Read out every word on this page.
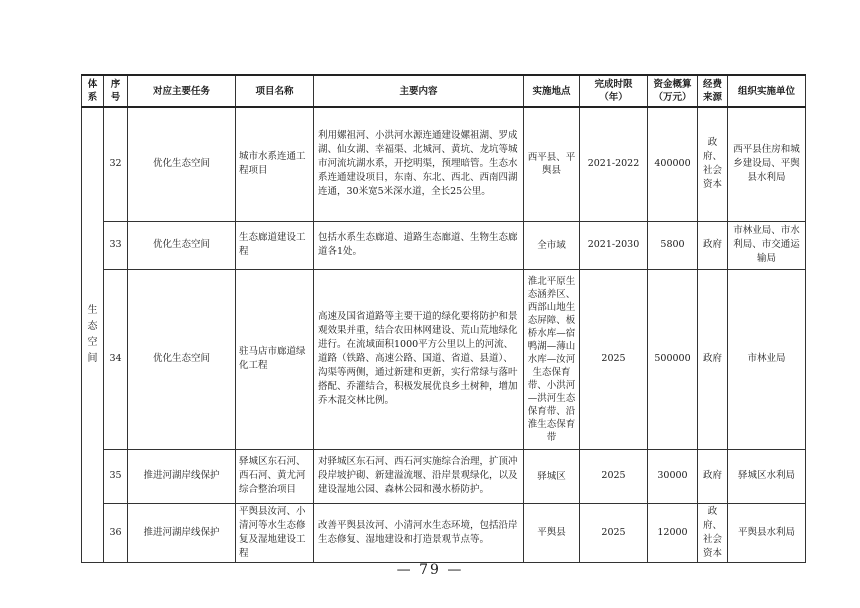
体系	序号	对应主要任务	项目名称	主要内容	实施地点	完成时限（年）	资金概算（万元）	经费来源	组织实施单位
生态空间	32	优化生态空间	城市水系连通工程项目	利用嫘祖河、小洪河水源连通建设嫘祖湖、罗成湖、仙女湖、幸福渠、北城河、黄坑、龙坑等城市河流坑湖水系，开挖明渠，预埋暗管。生态水系连通建设项目，东南、东北、西北、西南四湖连通，30米宽5米深水道，全长25公里。	西平县、平舆县	2021-2022	400000	政府、社会资本	西平县住房和城乡建设局、平舆县水利局
	33	优化生态空间	生态廊道建设工程	包括水系生态廊道、道路生态廊道、生物生态廊道各1处。	全市域	2021-2030	5800	政府	市林业局、市水利局、市交通运输局
	34	优化生态空间	驻马店市廊道绿化工程	高速及国省道路等主要干道的绿化要将防护和景观效果并重，结合农田林网建设、荒山荒地绿化进行。在流域面积1000平方公里以上的河流、道路（铁路、高速公路、国道、省道、县道）、沟渠等两侧，通过新建和更新，实行常绿与落叶搭配、乔灌结合，积极发展优良乡土树种，增加乔木混交林比例。	淮北平原生态涵养区、西部山地生态屏障、板桥水库—宿鸭湖—薄山水库—汝河生态保育带、小洪河—洪河生态保育带、沿淮生态保育带	2025	500000	政府	市林业局
	35	推进河湖岸线保护	驿城区东石河、西石河、黄尤河综合整治项目	对驿城区东石河、西石河实施综合治理，扩顶冲段岸坡护砌、新建溢流堰、沿岸景观绿化，以及建设湿地公园、森林公园和漫水桥防护。	驿城区	2025	30000	政府	驿城区水利局
	36	推进河湖岸线保护	平舆县汝河、小清河等水生态修复及湿地建设工程	改善平舆县汝河、小清河水生态环境，包括沿岸生态修复、湿地建设和打造景观节点等。	平舆县	2025	12000	政府、社会资本	平舆县水利局
— 79 —
